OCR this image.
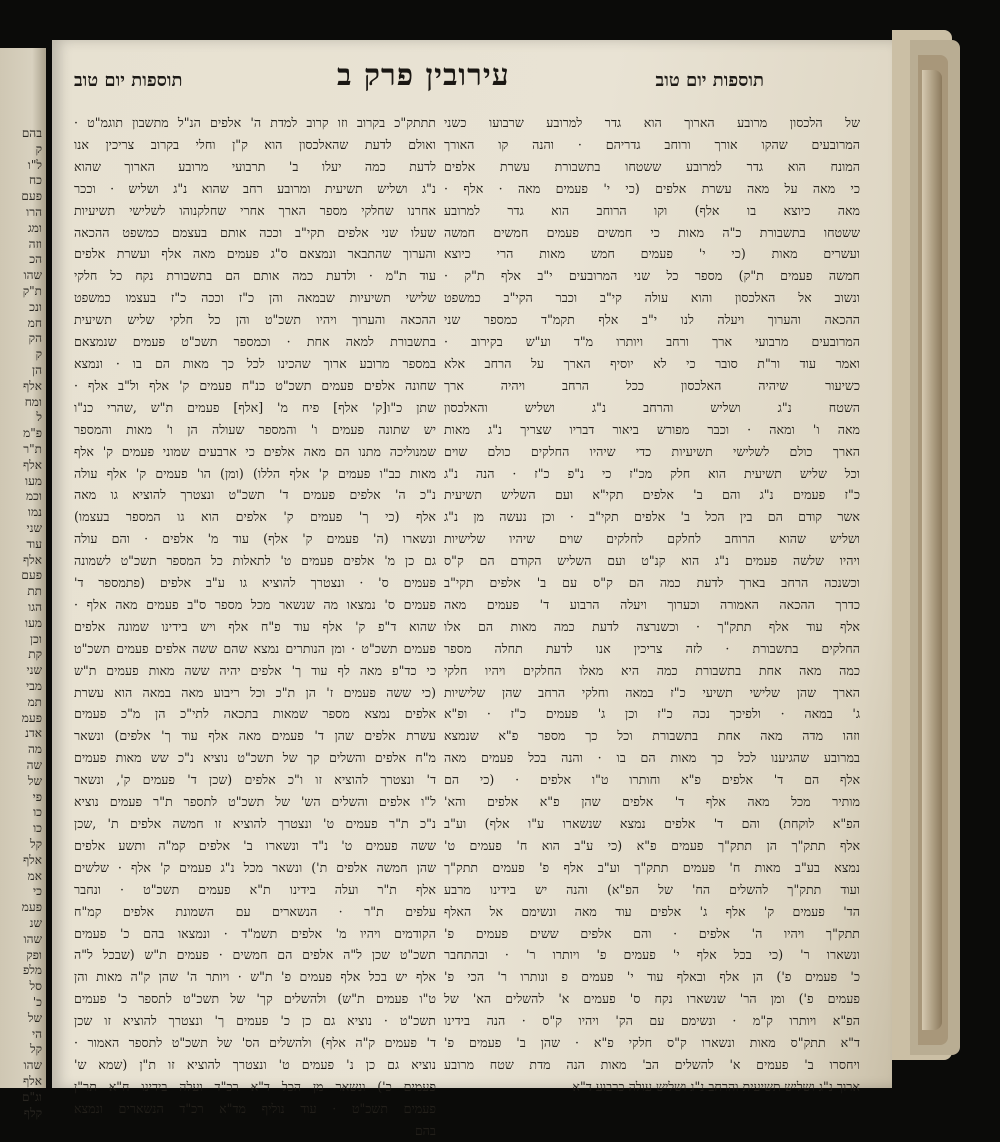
בהם
ק
ל"ו
כח
פעם
הרו
ומג
וזה
הכ
שהו
ת"ק
ונכ
חמ
הק
ק
הן
אלף
ומח
ל
פ"מ
ת"ר
אלף
מעו
וכמ
נמו
שני
עוד
אלף
פעם
תת
הגו
מעו
וכן
קת
שני
מבי
תמ
פעמ
אדנ
מה
שה
של
פי
כו
כו
קל
אלף
אמ
כי
פעמ
שנ
שהו
ופק
מלפ
סל
כ'
של
הי
קל
שהו
אלף
וג"ם
קלף
תוספות יום טוב
עירובין פרק ב
תוספות יום טוב
של הלכסון מרובע הארוך הוא גדר למרובע שרבועו כשני
המרובעים שהקו אורך ורוחב גדריהם · והנה קו האורך
המונח הוא גדר למרובע ששטחו בתשבורת עשרת אלפים
כי מאה על מאה עשרת אלפים (כי י' פעמים מאה · אלף ·
מאה כיוצא בו אלף) וקו הרוחב הוא גדר למרובע
ששטחו בתשבורת כ"ה מאות כי חמשים פעמים חמשים חמשה
ועשרים מאות (כי י' פעמים חמש מאות הרי כיוצא
חמשה פעמים ת"ק) מספר כל שני המרובעים י"ב אלף ת"ק ·
ונשוב אל האלכסון והוא עולה קי"ב וכבר הקי"ב כמשפט
ההכאה והערוך ויעלה לנו י"ב אלף תקמ"ד כמספר שני
המרובעים מרבועי ארך ורחב ויותרו מ"ד וע"ש בקירוב ·
ואמר עוד ור"ת סובר כי לא יוסיף הארך על הרחב אלא
כשיעור שיהיה האלכסון ככל הרחב ויהיה ארך
השטח נ"ג ושליש והרחב נ"ג ושליש והאלכסון
מאה ו' ומאה · וכבר מפורש ביאור דבריו שצריך נ"ג מאות
הארך כולם לשלישי תשיעיות כדי שיהיו החלקים כולם שוים
וכל שליש תשיעית הוא חלק מכ"ז כי נ"פ כ"ז · הנה נ"ג
כ"ז פעמים נ"ג והם ב' אלפים תקי"א ועם השליש תשיעית
אשר קודם הם בין הכל ב' אלפים תקי"ב · וכן נעשה מן נ"ג
ושליש שהוא הרוחב לחלקם לחלקים שוים שיהיו שלישיות
ויהיו שלשה פעמים נ"ג הוא קנ"ט ועם השליש הקודם הם ק"ס
וכשנכה הרחב בארך לדעת כמה הם ק"ס עם ב' אלפים תקי"ב
כדרך ההכאה האמורה וכערוך ויעלה הרבוע ד' פעמים מאה
אלף עוד אלף תתק"ך · וכשנרצה לדעת כמה מאות הם אלו
החלקים בתשבורת · לזה צריכין אנו לדעת תחלה מספר
כמה מאה אחת בתשבורת כמה היא מאלו החלקים ויהיו חלקי
הארך שהן שלישי תשיעי כ"ז במאה וחלקי הרחב שהן שלישיות
ג' במאה · ולפיכך נכה כ"ז וכן ג' פעמים כ"ז · ופ"א
וזהו מדה מאה אחת בתשבורת וכל כך מספר פ"א שנמצא
במרובע שהגיענו לכל כך מאות הם בו · והנה בכל פעמים מאה
אלף הם ד' אלפים פ"א וחותרו ט"ו אלפים · (כי הם
מותיר מכל מאה אלף ד' אלפים שהן פ"א אלפים והא'
הפ"א לוקחת) והם ד' אלפים נמצא שנשארו ע"ו אלף) וע"ב
אלף תתק"ך הן תתק"ך פעמים פ"א (כי ע"ב הוא ח' פעמים ט'
נמצא בע"ב מאות ח' פעמים תתק"ך וע"ב אלף פ' פעמים תתק"ך
ועוד תתק"ך להשלים הח' של הפ"א) והנה יש בידינו מרבע
הד' פעמים ק' אלף ג' אלפים עוד מאה ונשימם אל האלף
תתק"ך ויהיו ה' אלפים · והם אלפים ששים פעמים פ'
ונשארו ר' (כי בכל אלף י' פעמים פ' ויותרו ר' · ובהתחבר
כ' פעמים פ') הן אלף ובאלף עוד י' פעמים פ ונותרו ר' הכי פ'
פעמים פ') ומן הר' שנשארו נקח ס' פעמים א' להשלים הא' של
הפ"א ויותרו ק"מ · ונשימם עם הק' ויהיו ק"ס · הנה בידינו
ד"א תתק"ס מאות ונשארו ק"ס חלקי פ"א · שהן ב' פעמים פ'
ויחסרו ב' פעמים א' להשלים הב' מאות הנה מדת שטח מרובע
ארוך נ"ג ושליש תשיעית והרחב נ"ג ושליש עולה כרבוע ד"א
תתתק"כ בקרוב וזו קרוב למדת ה' אלפים הנ"ל מתשבון תוגמ"ט ·
ואולם לדעת שהאלכסון הוא ק"ן וחלי בקרוב צריכין אנו
לדעת כמה יעלו ב' תרבועי מרובע הארוך שהוא
נ"ג ושליש תשיעית ומרובע רחב שהוא נ"ג ושליש · וככר
אחרנו שחלקי מספר הארך אחרי שחלקנוהו לשלישי תשיעיות
שעלו שני אלפים תקי"ב וככה אותם בעצמם כמשפט ההכאה
והערוך שהתבאר ונמצאם ס"ג פעמים מאה אלף ועשרת אלפים
עוד ת"מ · ולדעת כמה אותם הם בתשבורת נקח כל חלקי
שלישי תשיעיות שבמאה והן כ"ז וככה כ"ז בעצמו כמשפט
ההכאה והערוך ויהיו תשכ"ט והן כל חלקי שליש תשיעית
בתשבורת למאה אחת · וכמספר תשכ"ט פעמים שנמצאם
במספר מרובע ארוך שהכינו לכל כך מאות הם בו · ונמצא
שחונה אלפים פעמים תשכ"ט כנ"ח פעמים ק' אלף ול"ב אלף ·
שתן כ"ו[ק' אלף] פיח מ' [אלף] פעמים ת"ש ,שהרי כנ"ו
יש שתונה פעמים ו' והמספר שעולה הן ו' מאות והמספר
שמנוליכה מתנו הם מאה אלפים כי ארבעים שמוני פעמים ק' אלף
מאות כב"ו פעמים ק' אלף הללו) (ומן) הו' פעמים ק' אלף עולה
נ"כ ה' אלפים פעמים ד' תשכ"ט ונצטרך להוציא גו מאה
אלף (כי ך' פעמים ק' אלפים הוא גו המספר בעצמו)
ונשארו (ה' פעמים ק' אלף) עוד מ' אלפים · והם עולה
גם כן מ' אלפים פעמים ט' לתאלות כל המספר תשכ"ט לשמונה
פעמים ס' · ונצטרך להוציא גו ע"ב אלפים (פתמספר ד'
פעמים ס' נמצאו מה שנשאר מכל מספר ס"ב פעמים מאה אלף ·
שהוא ד"פ ק' אלף עוד פ"ח אלף ויש בידינו שמונה אלפים
פעמים תשכ"ט · ומן הנותרים נמצא שהם ששה אלפים פעמים תשכ"ט
כי כד"פ מאה לף עוד ך' אלפים יהיה ששה מאות פעמים ת"ש
(כי ששה פעמים ז' הן ת"כ וכל ריבוע מאה במאה הוא עשרת
אלפים נמצא מספר שמאות בתכאה לתי"כ הן מ"כ פעמים
עשרת אלפים שהן ד' פעמים מאה אלף עוד ך' אלפים) ונשאר
מ"ח אלפים והשלים קך של תשכ"ט נוציא נ"כ שש מאות פעמים
ד' ונצטרך להוציא זו ו"כ אלפים (שכן ד' פעמים ק', ונשאר
ל"ו אלפים והשלים הש' של תשכ"ט לתספר ת"ר פעמים נוציא
נ"כ ת"ר פעמים ט' ונצטרך להוציא זו חמשה אלפים ת' ,שכן
ששה פעמים ט' נ"ד ונשארו ב' אלפים קמ"ה ותשע אלפים
שהן חמשה אלפים ת') ונשאר מכל נ"ג פעמים ק' אלף · שלשים
אלף ת"ר ועלה בידינו ת"א פעמים תשכ"ט · ונחבר
עלפים ת"ר · הנשארים עם השמונת אלפים קמ"ח
הקודמים ויהיו מ' אלפים תשמ"ד · ונמצאו בהם כ' פעמים
תשכ"ט שכן ל"ה אלפים הם חמשים · פעמים ת"ש (שבכל ל"ה
אלף יש בכל אלף פעמים פ' ת"ש · ויותר ה' שהן ק"ה מאות והן
ט"ו פעמים ת"ש) ולהשלים קך' של תשכ"ט לתספר כ' פעמים
תשכ"ט · נוציא גם כן כ' פעמים ך' ונצטרך להוציא זו שכן
ד' פעמים ק"ה אלף) ולהשלים הס' של תשכ"ט לתספר האמור ·
נוציא גם כן נ' פעמים ט' ונצטרך להוציא זו ת"ן (שמא ש'
פעמים כ') ונשאר מן הכל ד"א רכ"ד ועלה בידינו ח"א תר"ן
פעמים תשכ"ט · עוד נוליף מד"א רכ"ד הנשארים ונמצא
בהם
